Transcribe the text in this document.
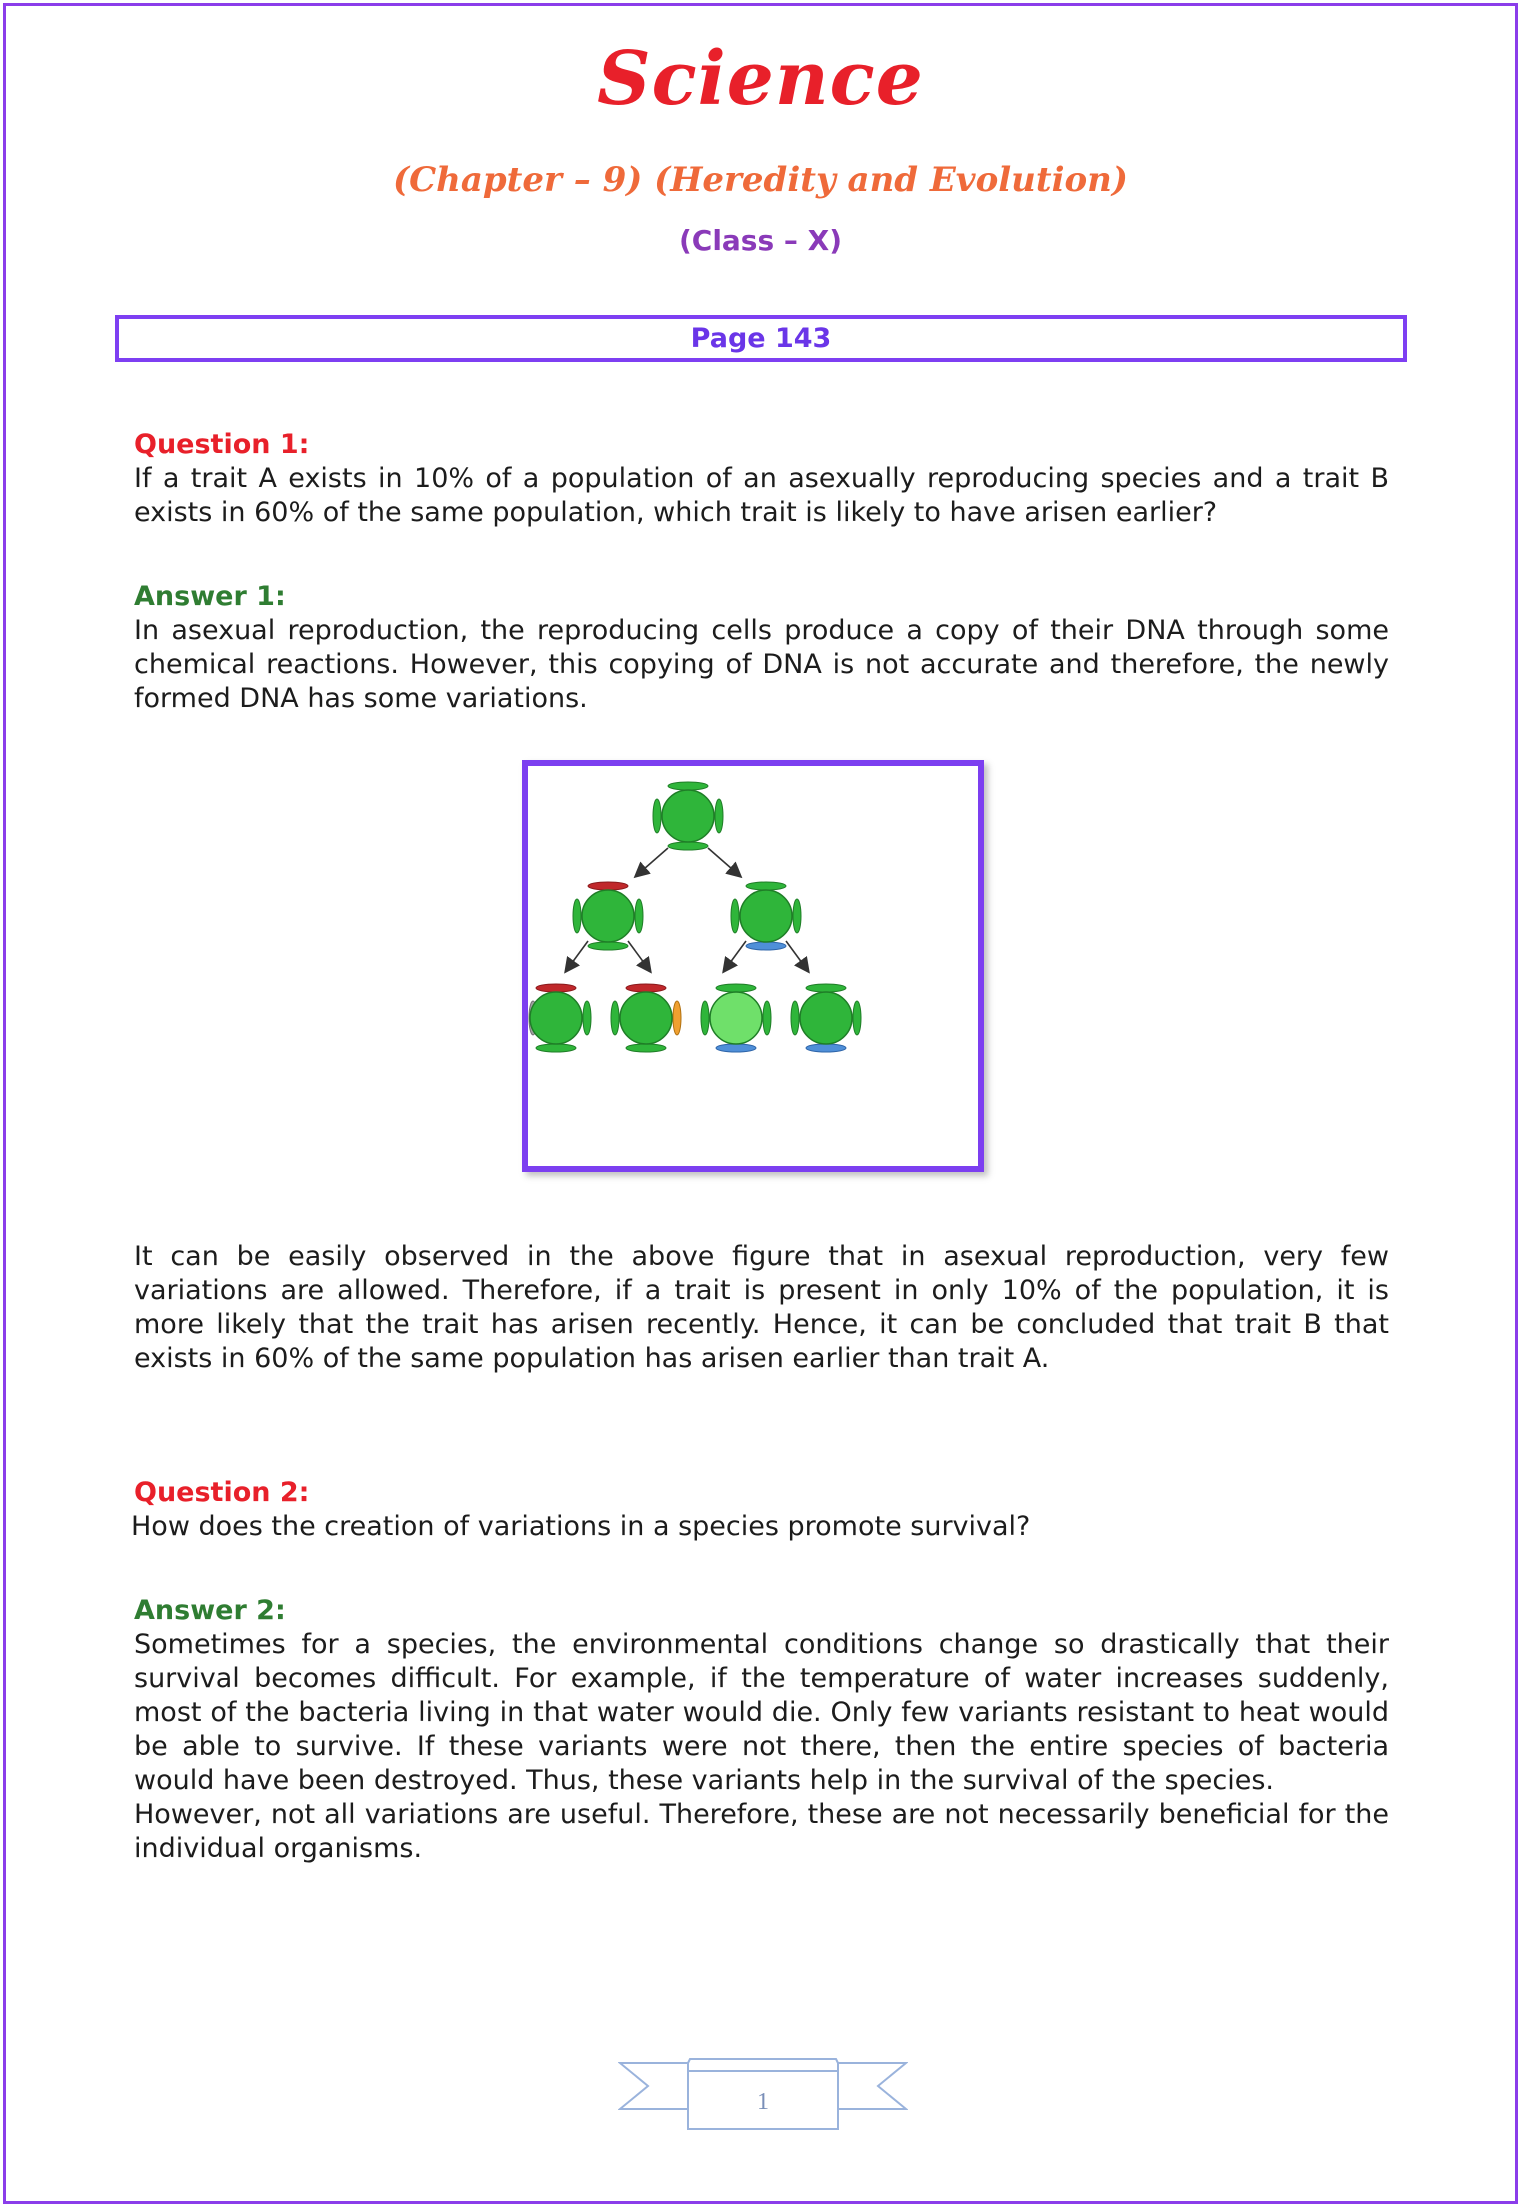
Science
(Chapter – 9) (Heredity and Evolution)
(Class – X)
Page 143
Question 1:
If a trait A exists in 10% of a population of an asexually reproducing species and a trait B exists in 60% of the same population, which trait is likely to have arisen earlier?
Answer 1:
In asexual reproduction, the reproducing cells produce a copy of their DNA through some chemical reactions. However, this copying of DNA is not accurate and therefore, the newly formed DNA has some variations.
It can be easily observed in the above figure that in asexual reproduction, very few variations are allowed. Therefore, if a trait is present in only 10% of the population, it is more likely that the trait has arisen recently. Hence, it can be concluded that trait B that exists in 60% of the same population has arisen earlier than trait A.
Question 2:
How does the creation of variations in a species promote survival?
Answer 2:
Sometimes for a species, the environmental conditions change so drastically that their survival becomes difficult. For example, if the temperature of water increases suddenly, most of the bacteria living in that water would die. Only few variants resistant to heat would be able to survive. If these variants were not there, then the entire species of bacteria would have been destroyed. Thus, these variants help in the survival of the species.
However, not all variations are useful. Therefore, these are not necessarily beneficial for the individual organisms.
1
